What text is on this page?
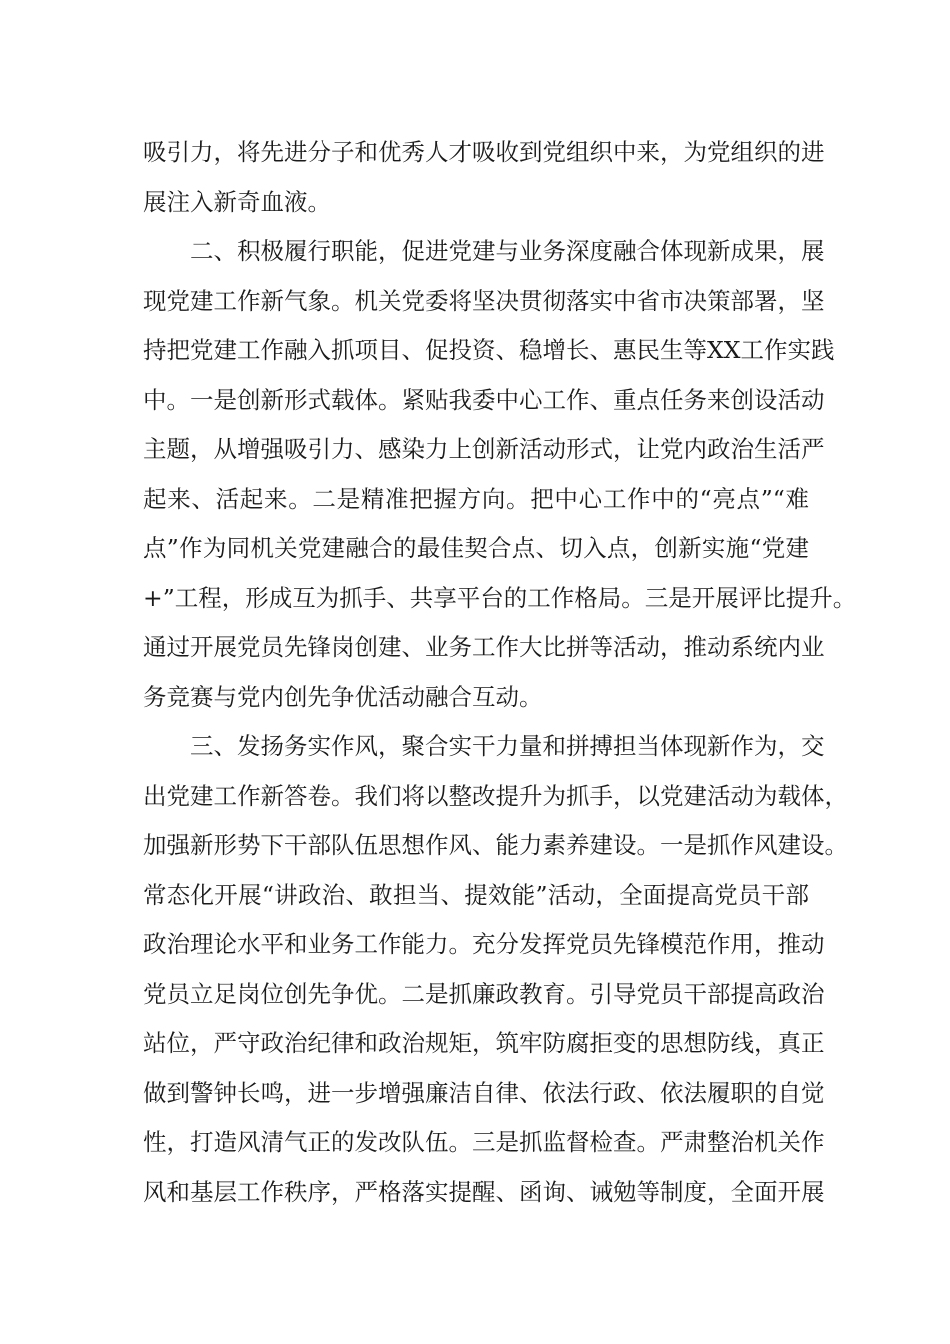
吸引力，将先进分子和优秀人才吸收到党组织中来，为党组织的进
展注入新奇血液。
二、积极履行职能，促进党建与业务深度融合体现新成果，展
现党建工作新气象。机关党委将坚决贯彻落实中省市决策部署，坚
持把党建工作融入抓项目、促投资、稳增长、惠民生等XX工作实践
中。一是创新形式载体。紧贴我委中心工作、重点任务来创设活动
主题，从增强吸引力、感染力上创新活动形式，让党内政治生活严
起来、活起来。二是精准把握方向。把中心工作中的“亮点”“难
点”作为同机关党建融合的最佳契合点、切入点，创新实施“党建
+”工程，形成互为抓手、共享平台的工作格局。三是开展评比提升。
通过开展党员先锋岗创建、业务工作大比拼等活动，推动系统内业
务竞赛与党内创先争优活动融合互动。
三、发扬务实作风，聚合实干力量和拼搏担当体现新作为，交
出党建工作新答卷。我们将以整改提升为抓手，以党建活动为载体，
加强新形势下干部队伍思想作风、能力素养建设。一是抓作风建设。
常态化开展“讲政治、敢担当、提效能”活动，全面提高党员干部
政治理论水平和业务工作能力。充分发挥党员先锋模范作用，推动
党员立足岗位创先争优。二是抓廉政教育。引导党员干部提高政治
站位，严守政治纪律和政治规矩，筑牢防腐拒变的思想防线，真正
做到警钟长鸣，进一步增强廉洁自律、依法行政、依法履职的自觉
性，打造风清气正的发改队伍。三是抓监督检查。严肃整治机关作
风和基层工作秩序，严格落实提醒、函询、诫勉等制度，全面开展
